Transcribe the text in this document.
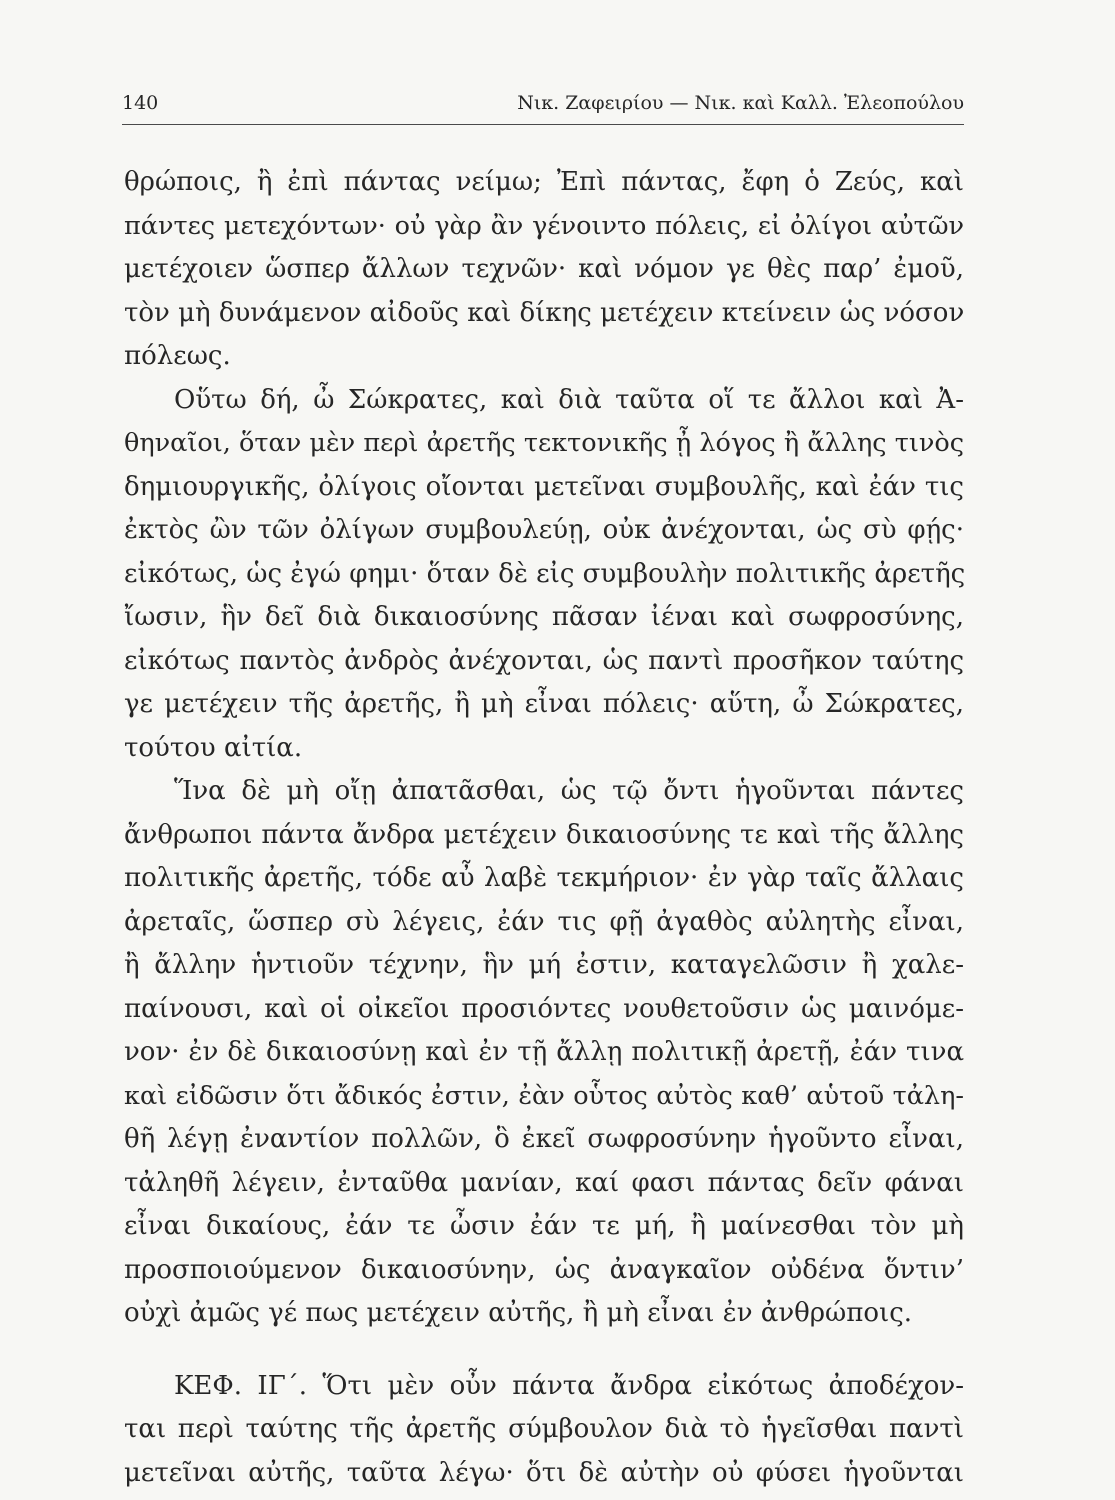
140	Νικ. Ζαφειρίου — Νικ. καὶ Καλλ. Ἐλεοπούλου
θρώποις, ἢ ἐπὶ πάντας νείμω; Ἐπὶ πάντας, ἔφη ὁ Ζεύς, καὶ
πάντες μετεχόντων· οὐ γὰρ ἂν γένοιντο πόλεις, εἰ ὀλίγοι αὐτῶν
μετέχοιεν ὥσπερ ἄλλων τεχνῶν· καὶ νόμον γε θὲς παρ’ ἐμοῦ,
τὸν μὴ δυνάμενον αἰδοῦς καὶ δίκης μετέχειν κτείνειν ὡς νόσον
πόλεως.
Οὕτω δή, ὦ Σώκρατες, καὶ διὰ ταῦτα οἵ τε ἄλλοι καὶ Ἀ-
θηναῖοι, ὅταν μὲν περὶ ἀρετῆς τεκτονικῆς ᾖ λόγος ἢ ἄλλης τινὸς
δημιουργικῆς, ὀλίγοις οἴονται μετεῖναι συμβουλῆς, καὶ ἐάν τις
ἐκτὸς ὢν τῶν ὀλίγων συμβουλεύῃ, οὐκ ἀνέχονται, ὡς σὺ φῄς·
εἰκότως, ὡς ἐγώ φημι· ὅταν δὲ εἰς συμβουλὴν πολιτικῆς ἀρετῆς
ἴωσιν, ἣν δεῖ διὰ δικαιοσύνης πᾶσαν ἰέναι καὶ σωφροσύνης,
εἰκότως παντὸς ἀνδρὸς ἀνέχονται, ὡς παντὶ προσῆκον ταύτης
γε μετέχειν τῆς ἀρετῆς, ἢ μὴ εἶναι πόλεις· αὕτη, ὦ Σώκρατες,
τούτου αἰτία.
Ἵνα δὲ μὴ οἴῃ ἀπατᾶσθαι, ὡς τῷ ὄντι ἡγοῦνται πάντες
ἄνθρωποι πάντα ἄνδρα μετέχειν δικαιοσύνης τε καὶ τῆς ἄλλης
πολιτικῆς ἀρετῆς, τόδε αὖ λαβὲ τεκμήριον· ἐν γὰρ ταῖς ἄλλαις
ἀρεταῖς, ὥσπερ σὺ λέγεις, ἐάν τις φῇ ἀγαθὸς αὐλητὴς εἶναι,
ἢ ἄλλην ἡντιοῦν τέχνην, ἣν μή ἐστιν, καταγελῶσιν ἢ χαλε-
παίνουσι, καὶ οἱ οἰκεῖοι προσιόντες νουθετοῦσιν ὡς μαινόμε-
νον· ἐν δὲ δικαιοσύνῃ καὶ ἐν τῇ ἄλλῃ πολιτικῇ ἀρετῇ, ἐάν τινα
καὶ εἰδῶσιν ὅτι ἄδικός ἐστιν, ἐὰν οὗτος αὐτὸς καθ’ αὑτοῦ τἀλη-
θῆ λέγῃ ἐναντίον πολλῶν, ὃ ἐκεῖ σωφροσύνην ἡγοῦντο εἶναι,
τἀληθῆ λέγειν, ἐνταῦθα μανίαν, καί φασι πάντας δεῖν φάναι
εἶναι δικαίους, ἐάν τε ὦσιν ἐάν τε μή, ἢ μαίνεσθαι τὸν μὴ
προσποιούμενον δικαιοσύνην, ὡς ἀναγκαῖον οὐδένα ὅντιν’
οὐχὶ ἀμῶς γέ πως μετέχειν αὐτῆς, ἢ μὴ εἶναι ἐν ἀνθρώποις.
ΚΕΦ. ΙΓ΄. Ὅτι μὲν οὖν πάντα ἄνδρα εἰκότως ἀποδέχον-
ται περὶ ταύτης τῆς ἀρετῆς σύμβουλον διὰ τὸ ἡγεῖσθαι παντὶ
μετεῖναι αὐτῆς, ταῦτα λέγω· ὅτι δὲ αὐτὴν οὐ φύσει ἡγοῦνται
